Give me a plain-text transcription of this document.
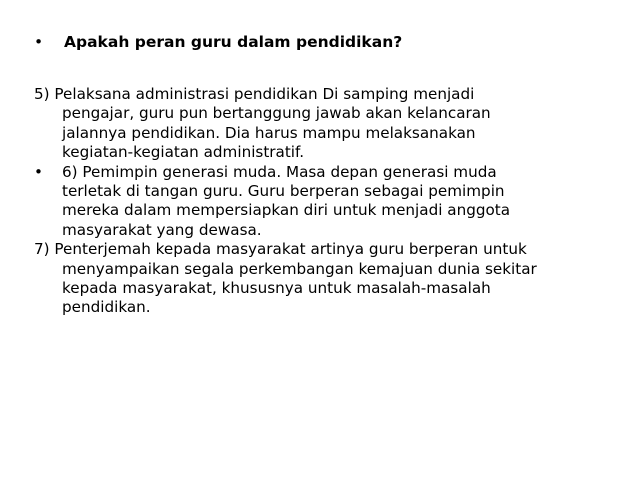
•	Apakah peran guru dalam pendidikan?
5) Pelaksana administrasi pendidikan Di samping menjadi
pengajar, guru pun bertanggung jawab akan kelancaran
jalannya pendidikan. Dia harus mampu melaksanakan
kegiatan-kegiatan administratif.
•	6) Pemimpin generasi muda. Masa depan generasi muda
terletak di tangan guru. Guru berperan sebagai pemimpin
mereka dalam mempersiapkan diri untuk menjadi anggota
masyarakat yang dewasa.
7) Penterjemah kepada masyarakat artinya guru berperan untuk
menyampaikan segala perkembangan kemajuan dunia sekitar
kepada masyarakat, khususnya untuk masalah-masalah
pendidikan.
